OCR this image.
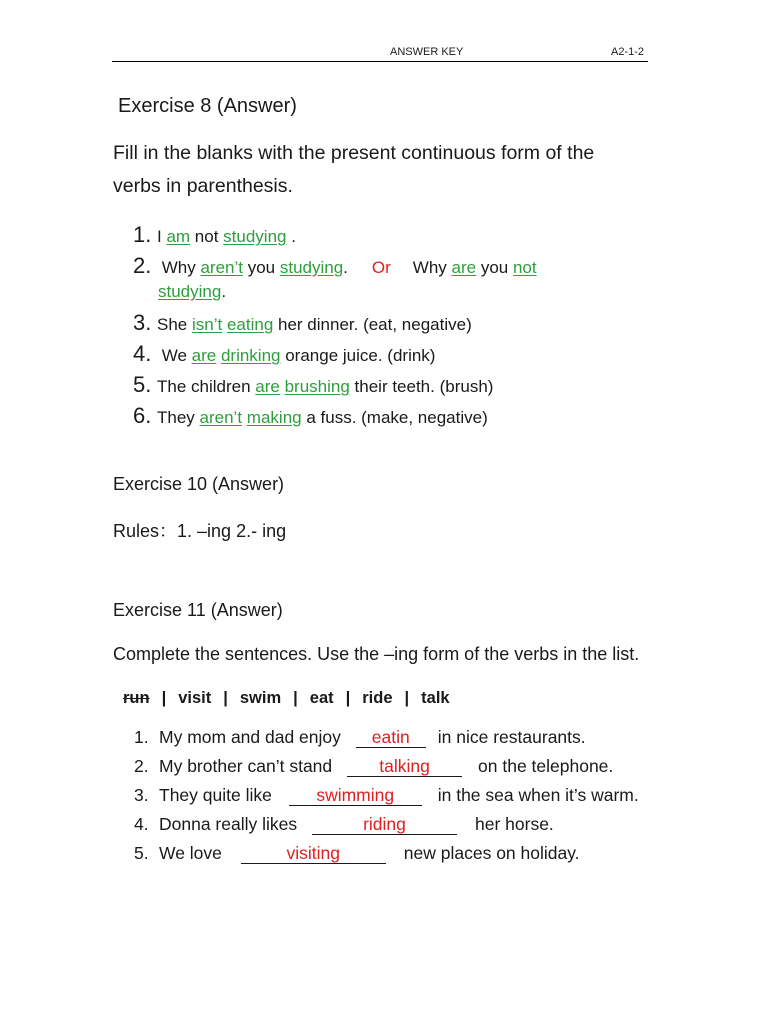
ANSWER KEY	A2-1-2
Exercise 8 (Answer)
Fill in the blanks with the present continuous form of the
verbs in parenthesis.
1. I am not studying .
2. Why aren’t you studying. Or Why are you not
studying.
3. She isn’t eating her dinner. (eat, negative)
4. We are drinking orange juice. (drink)
5. The children are brushing their teeth. (brush)
6. They aren’t making a fuss. (make, negative)
Exercise 10 (Answer)
Rules：1. –ing 2.- ing
Exercise 11 (Answer)
Complete the sentences. Use the –ing form of the verbs in the list.
run | visit | swim | eat | ride | talk
1. My mom and dad enjoy eatin in nice restaurants.
2. My brother can’t stand	talking	on the telephone.
3. They quite like	swimming in the sea when it’s warm.
4. Donna really likes	riding	her horse.
5. We love	visiting	new places on holiday.
